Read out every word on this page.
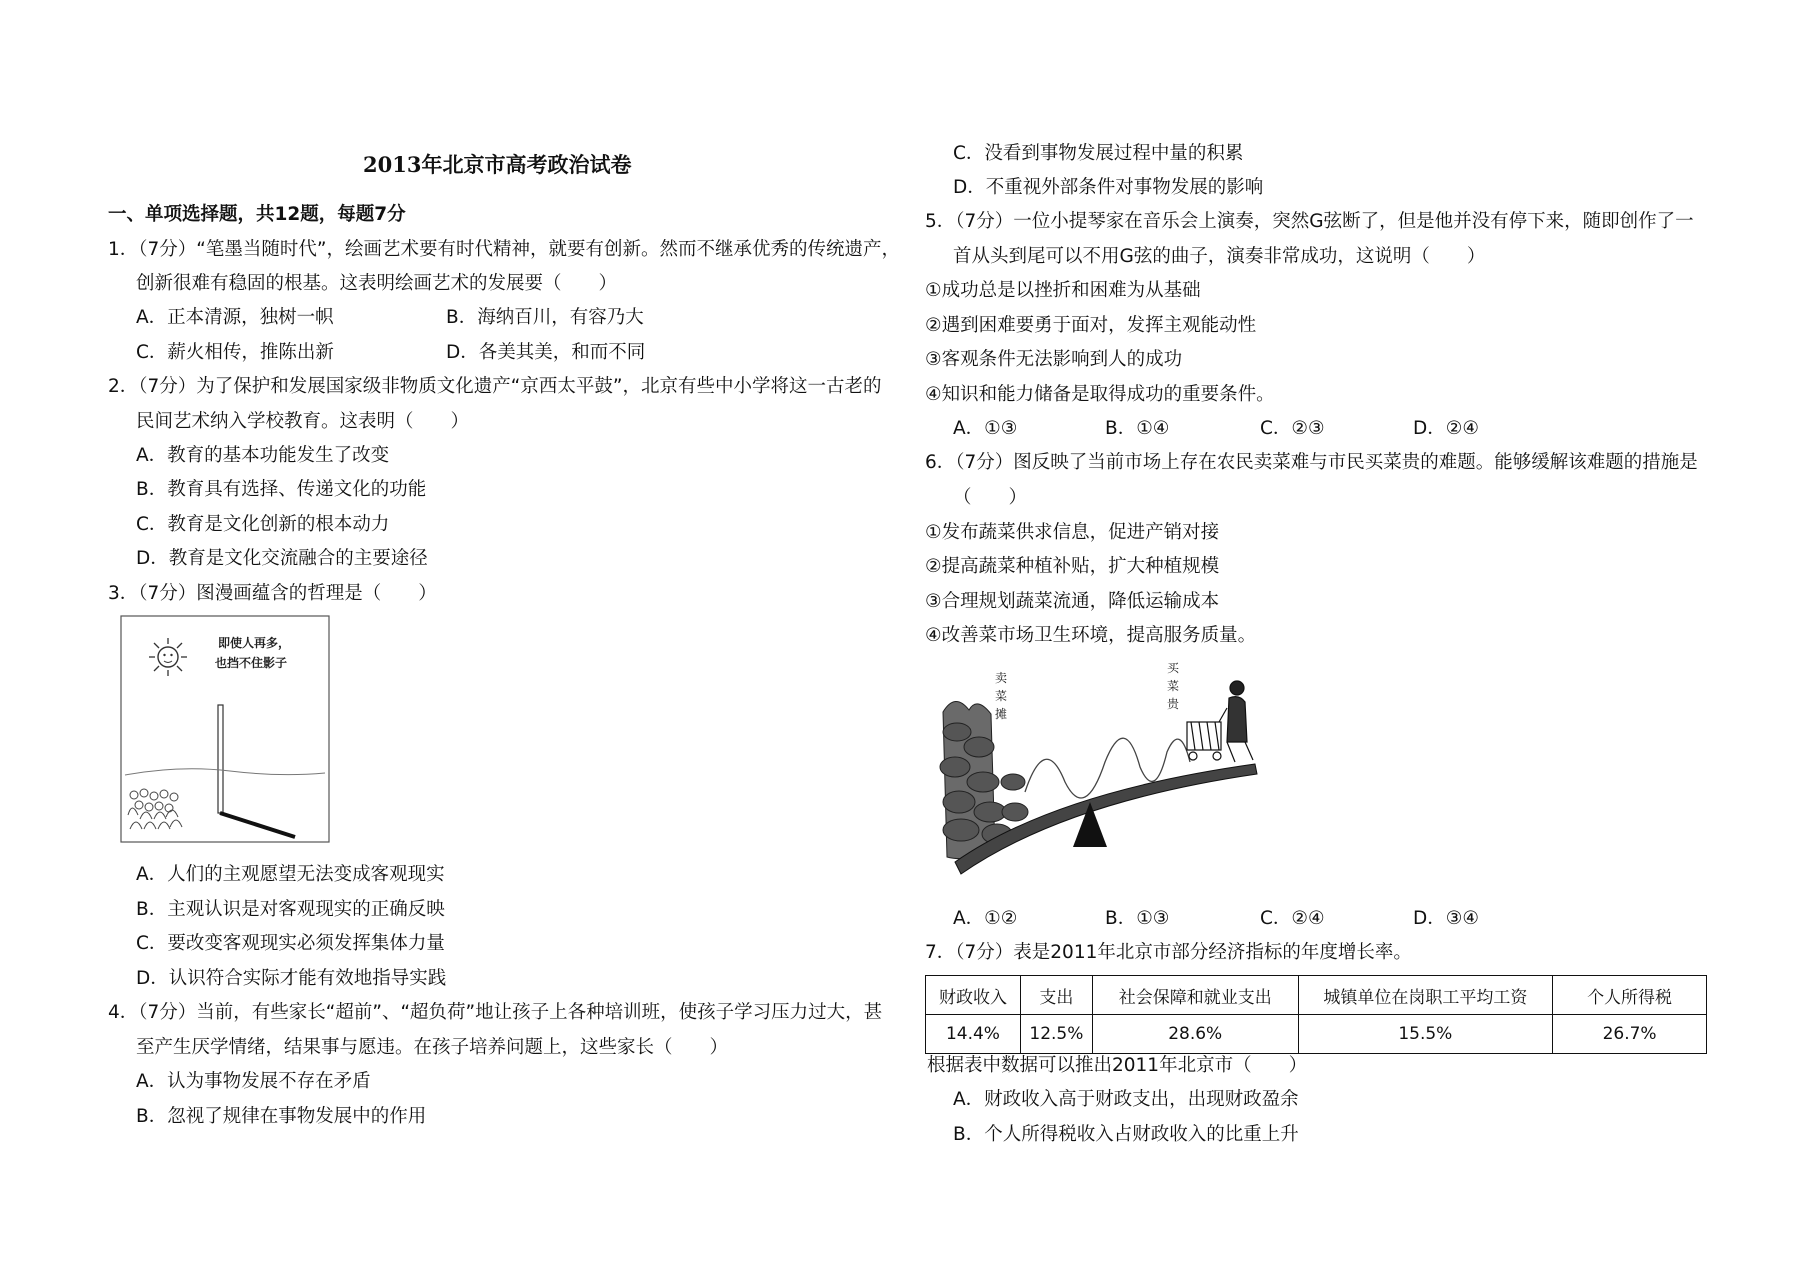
2013年北京市高考政治试卷
一、单项选择题，共12题，每题7分
1．（7分）“笔墨当随时代”，绘画艺术要有时代精神，就要有创新。然而不继承优秀的传统遗产，
创新很难有稳固的根基。这表明绘画艺术的发展要（　　）
A．正本清源，独树一帜	B．海纳百川，有容乃大
C．薪火相传，推陈出新	D．各美其美，和而不同
2．（7分）为了保护和发展国家级非物质文化遗产“京西太平鼓”，北京有些中小学将这一古老的
民间艺术纳入学校教育。这表明（　　）
A．教育的基本功能发生了改变
B．教育具有选择、传递文化的功能
C．教育是文化创新的根本动力
D．教育是文化交流融合的主要途径
3．（7分）图漫画蕴含的哲理是（　　）
即使人再多，
也挡不住影子
A．人们的主观愿望无法变成客观现实
B．主观认识是对客观现实的正确反映
C．要改变客观现实必须发挥集体力量
D．认识符合实际才能有效地指导实践
4．（7分）当前，有些家长“超前”、“超负荷”地让孩子上各种培训班，使孩子学习压力过大，甚
至产生厌学情绪，结果事与愿违。在孩子培养问题上，这些家长（　　）
A．认为事物发展不存在矛盾
B．忽视了规律在事物发展中的作用
C．没看到事物发展过程中量的积累
D．不重视外部条件对事物发展的影响
5．（7分）一位小提琴家在音乐会上演奏，突然G弦断了，但是他并没有停下来，随即创作了一
首从头到尾可以不用G弦的曲子，演奏非常成功，这说明（　　）
①成功总是以挫折和困难为从基础
②遇到困难要勇于面对，发挥主观能动性
③客观条件无法影响到人的成功
④知识和能力储备是取得成功的重要条件。
A．①③	B．①④	C．②③	D．②④
6．（7分）图反映了当前市场上存在农民卖菜难与市民买菜贵的难题。能够缓解该难题的措施是
（　　）
①发布蔬菜供求信息，促进产销对接
②提高蔬菜种植补贴，扩大种植规模
③合理规划蔬菜流通，降低运输成本
④改善菜市场卫生环境，提高服务质量。
卖
菜
摊
买
菜
贵
A．①②	B．①③	C．②④	D．③④
7．（7分）表是2011年北京市部分经济指标的年度增长率。
财政收入	支出	社会保障和就业支出	城镇单位在岗职工平均工资	个人所得税
14.4%	12.5%	28.6%	15.5%	26.7%
根据表中数据可以推出2011年北京市（　　）
A．财政收入高于财政支出，出现财政盈余
B．个人所得税收入占财政收入的比重上升
